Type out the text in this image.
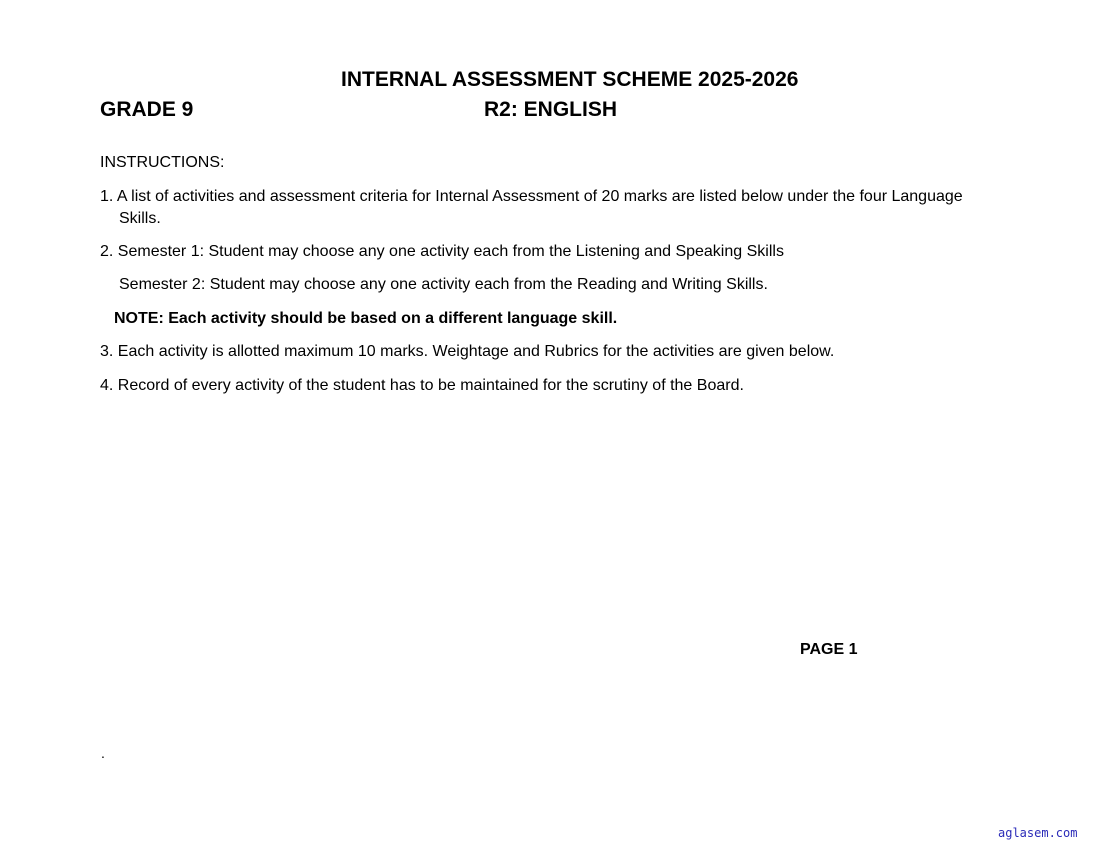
INTERNAL ASSESSMENT SCHEME 2025-2026
GRADE 9	R2: ENGLISH
INSTRUCTIONS:
1. A list of activities and assessment criteria for Internal Assessment of 20 marks are listed below under the four Language
Skills.
2. Semester 1: Student may choose any one activity each from the Listening and Speaking Skills
Semester 2: Student may choose any one activity each from the Reading and Writing Skills.
NOTE: Each activity should be based on a different language skill.
3. Each activity is allotted maximum 10 marks. Weightage and Rubrics for the activities are given below.
4. Record of every activity of the student has to be maintained for the scrutiny of the Board.
PAGE 1
.
aglasem.com
